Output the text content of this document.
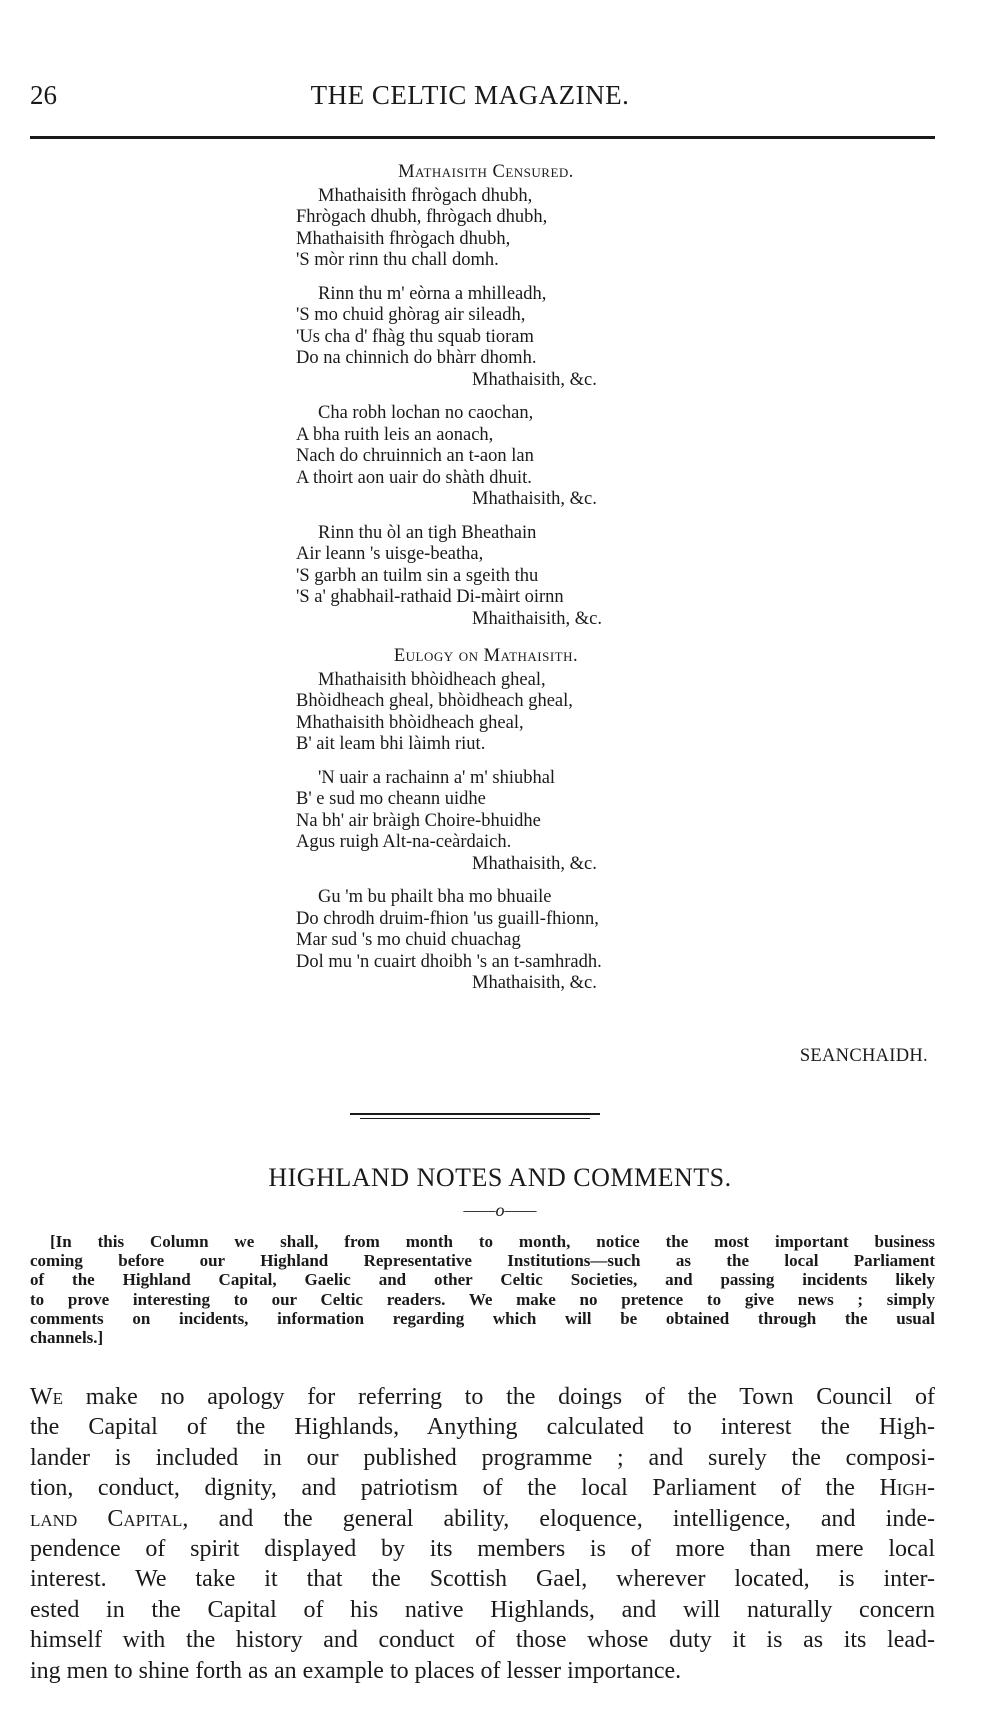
26	THE CELTIC MAGAZINE.
Mathaisith Censured.
Mhathaisith fhrògach dhubh,
Fhrògach dhubh, fhrògach dhubh,
Mhathaisith fhrògach dhubh,
'S mòr rinn thu chall domh.
Rinn thu m' eòrna a mhilleadh,
'S mo chuid ghòrag air sileadh,
'Us cha d' fhàg thu squab tioram
Do na chinnich do bhàrr dhomh.
Mhathaisith, &c.
Cha robh lochan no caochan,
A bha ruith leis an aonach,
Nach do chruinnich an t-aon lan
A thoirt aon uair do shàth dhuit.
Mhathaisith, &c.
Rinn thu òl an tigh Bheathain
Air leann 's uisge-beatha,
'S garbh an tuilm sin a sgeith thu
'S a' ghabhail-rathaid Di-màirt oirnn
Mhaithaisith, &c.
Eulogy on Mathaisith.
Mhathaisith bhòidheach gheal,
Bhòidheach gheal, bhòidheach gheal,
Mhathaisith bhòidheach gheal,
B' ait leam bhi làimh riut.
'N uair a rachainn a' m' shiubhal
B' e sud mo cheann uidhe
Na bh' air bràigh Choire-bhuidhe
Agus ruigh Alt-na-ceàrdaich.
Mhathaisith, &c.
Gu 'm bu phailt bha mo bhuaile
Do chrodh druim-fhion 'us guaill-fhionn,
Mar sud 's mo chuid chuachag
Dol mu 'n cuairt dhoibh 's an t-samhradh.
Mhathaisith, &c.
SEANCHAIDH.
HIGHLAND NOTES AND COMMENTS.
——o——
[In this Column we shall, from month to month, notice the most important business
coming before our Highland Representative Institutions—such as the local Parliament
of the Highland Capital, Gaelic and other Celtic Societies, and passing incidents likely
to prove interesting to our Celtic readers. We make no pretence to give news ; simply
comments on incidents, information regarding which will be obtained through the usual
channels.]
We make no apology for referring to the doings of the Town Council of
the Capital of the Highlands, Anything calculated to interest the High-
lander is included in our published programme ; and surely the composi-
tion, conduct, dignity, and patriotism of the local Parliament of the High-
land Capital, and the general ability, eloquence, intelligence, and inde-
pendence of spirit displayed by its members is of more than mere local
interest. We take it that the Scottish Gael, wherever located, is inter-
ested in the Capital of his native Highlands, and will naturally concern
himself with the history and conduct of those whose duty it is as its lead-
ing men to shine forth as an example to places of lesser importance.
